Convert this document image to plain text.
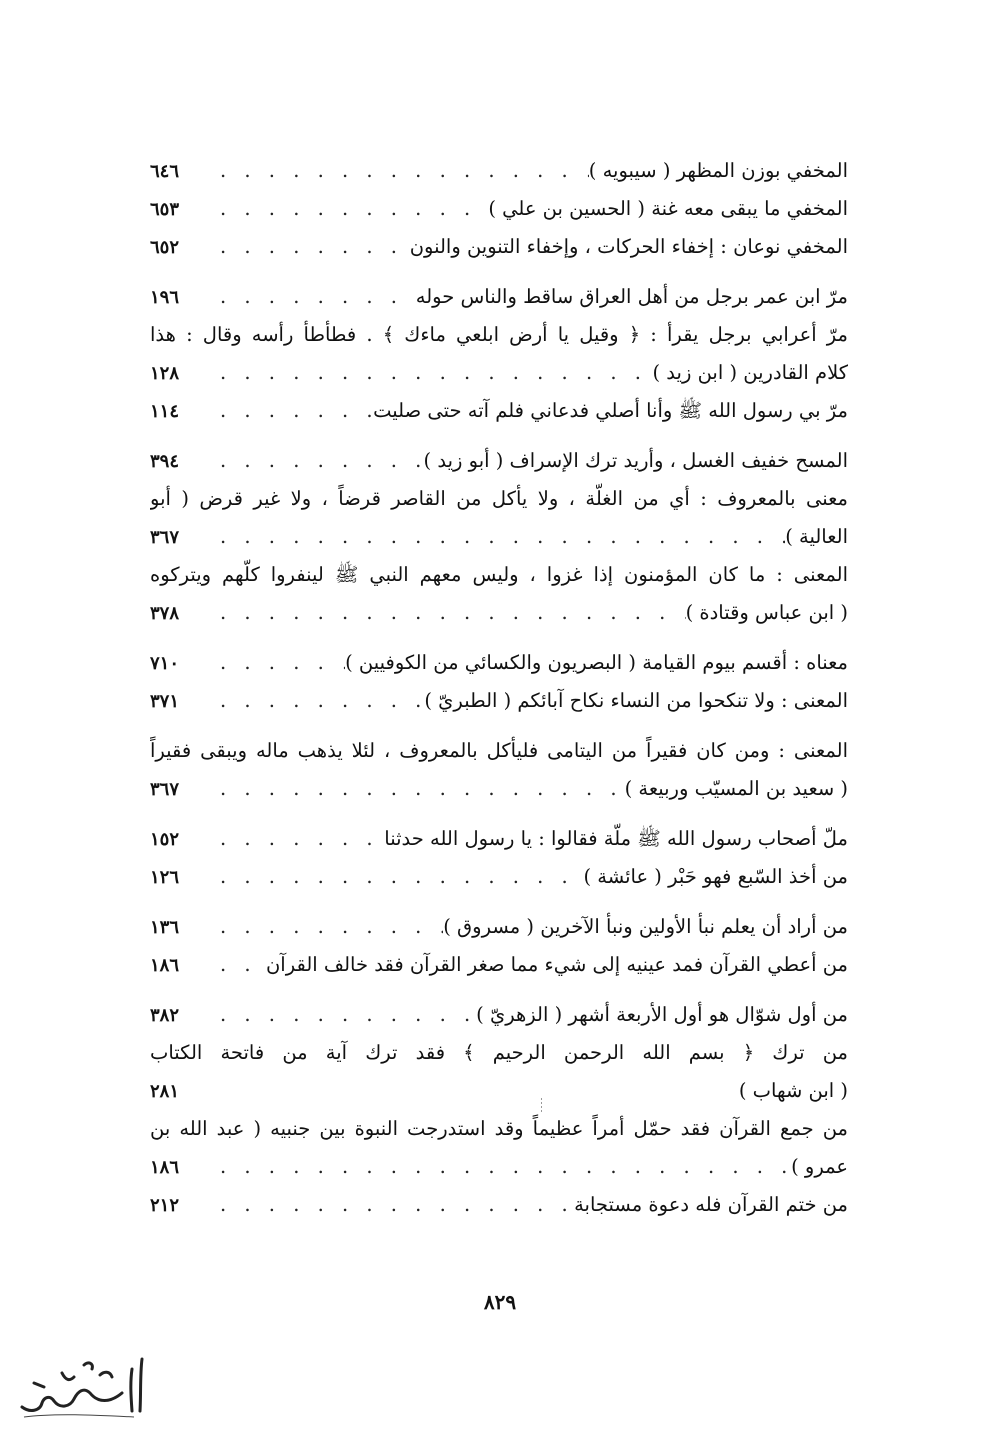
المخفي بوزن المظهر ( سيبويه )
. . .
٦٤٦
المخفي ما يبقى معه غنة ( الحسين بن علي )
. . .
٦٥٣
المخفي نوعان : إخفاء الحركات ، وإخفاء التنوين والنون
. . .
٦٥٢
مرّ ابن عمر برجل من أهل العراق ساقط والناس حوله
. . .
١٩٦
مرّ أعرابي برجل يقرأ : ﴿ وقيل يا أرض ابلعي ماءك ﴾ . فطأطأ رأسه وقال : هذا
كلام القادرين ( ابن زيد )
. . .
١٢٨
مرّ بي رسول الله ﷺ وأنا أصلي فدعاني فلم آته حتى صليت
. . .
١١٤
المسح خفيف الغسل ، وأريد ترك الإسراف ( أبو زيد )
. . .
٣٩٤
معنى بالمعروف : أي من الغلّة ، ولا يأكل من القاصر قرضاً ، ولا غير قرض ( أبو
العالية )
. . .
٣٦٧
المعنى : ما كان المؤمنون إذا غزوا ، وليس معهم النبي ﷺ لينفروا كلّهم ويتركوه
( ابن عباس وقتادة )
. . .
٣٧٨
معناه : أقسم بيوم القيامة ( البصريون والكسائي من الكوفيين )
. . .
٧١٠
المعنى : ولا تنكحوا من النساء نكاح آبائكم ( الطبريّ )
. . .
٣٧١
المعنى : ومن كان فقيراً من اليتامى فليأكل بالمعروف ، لئلا يذهب ماله ويبقى فقيراً
( سعيد بن المسيّب وربيعة )
. . .
٣٦٧
ملّ أصحاب رسول الله ﷺ ملّة فقالوا : يا رسول الله حدثنا
. . .
١٥٢
من أخذ السّبع فهو حَبْر ( عائشة )
. . .
١٢٦
من أراد أن يعلم نبأ الأولين ونبأ الآخرين ( مسروق )
. . .
١٣٦
من أعطي القرآن فمد عينيه إلى شيء مما صغر القرآن فقد خالف القرآن
. . .
١٨٦
من أول شوّال هو أول الأربعة أشهر ( الزهريّ )
. . .
٣٨٢
من ترك ﴿ بسم الله الرحمن الرحيم ﴾ فقد ترك آية من فاتحة الكتاب
( ابن شهاب )
٢٨١
من جمع القرآن فقد حمّل أمراً عظيماً وقد استدرجت النبوة بين جنبيه ( عبد الله بن
عمرو )
. . .
١٨٦
من ختم القرآن فله دعوة مستجابة
. . .
٢١٢
٨٢٩
